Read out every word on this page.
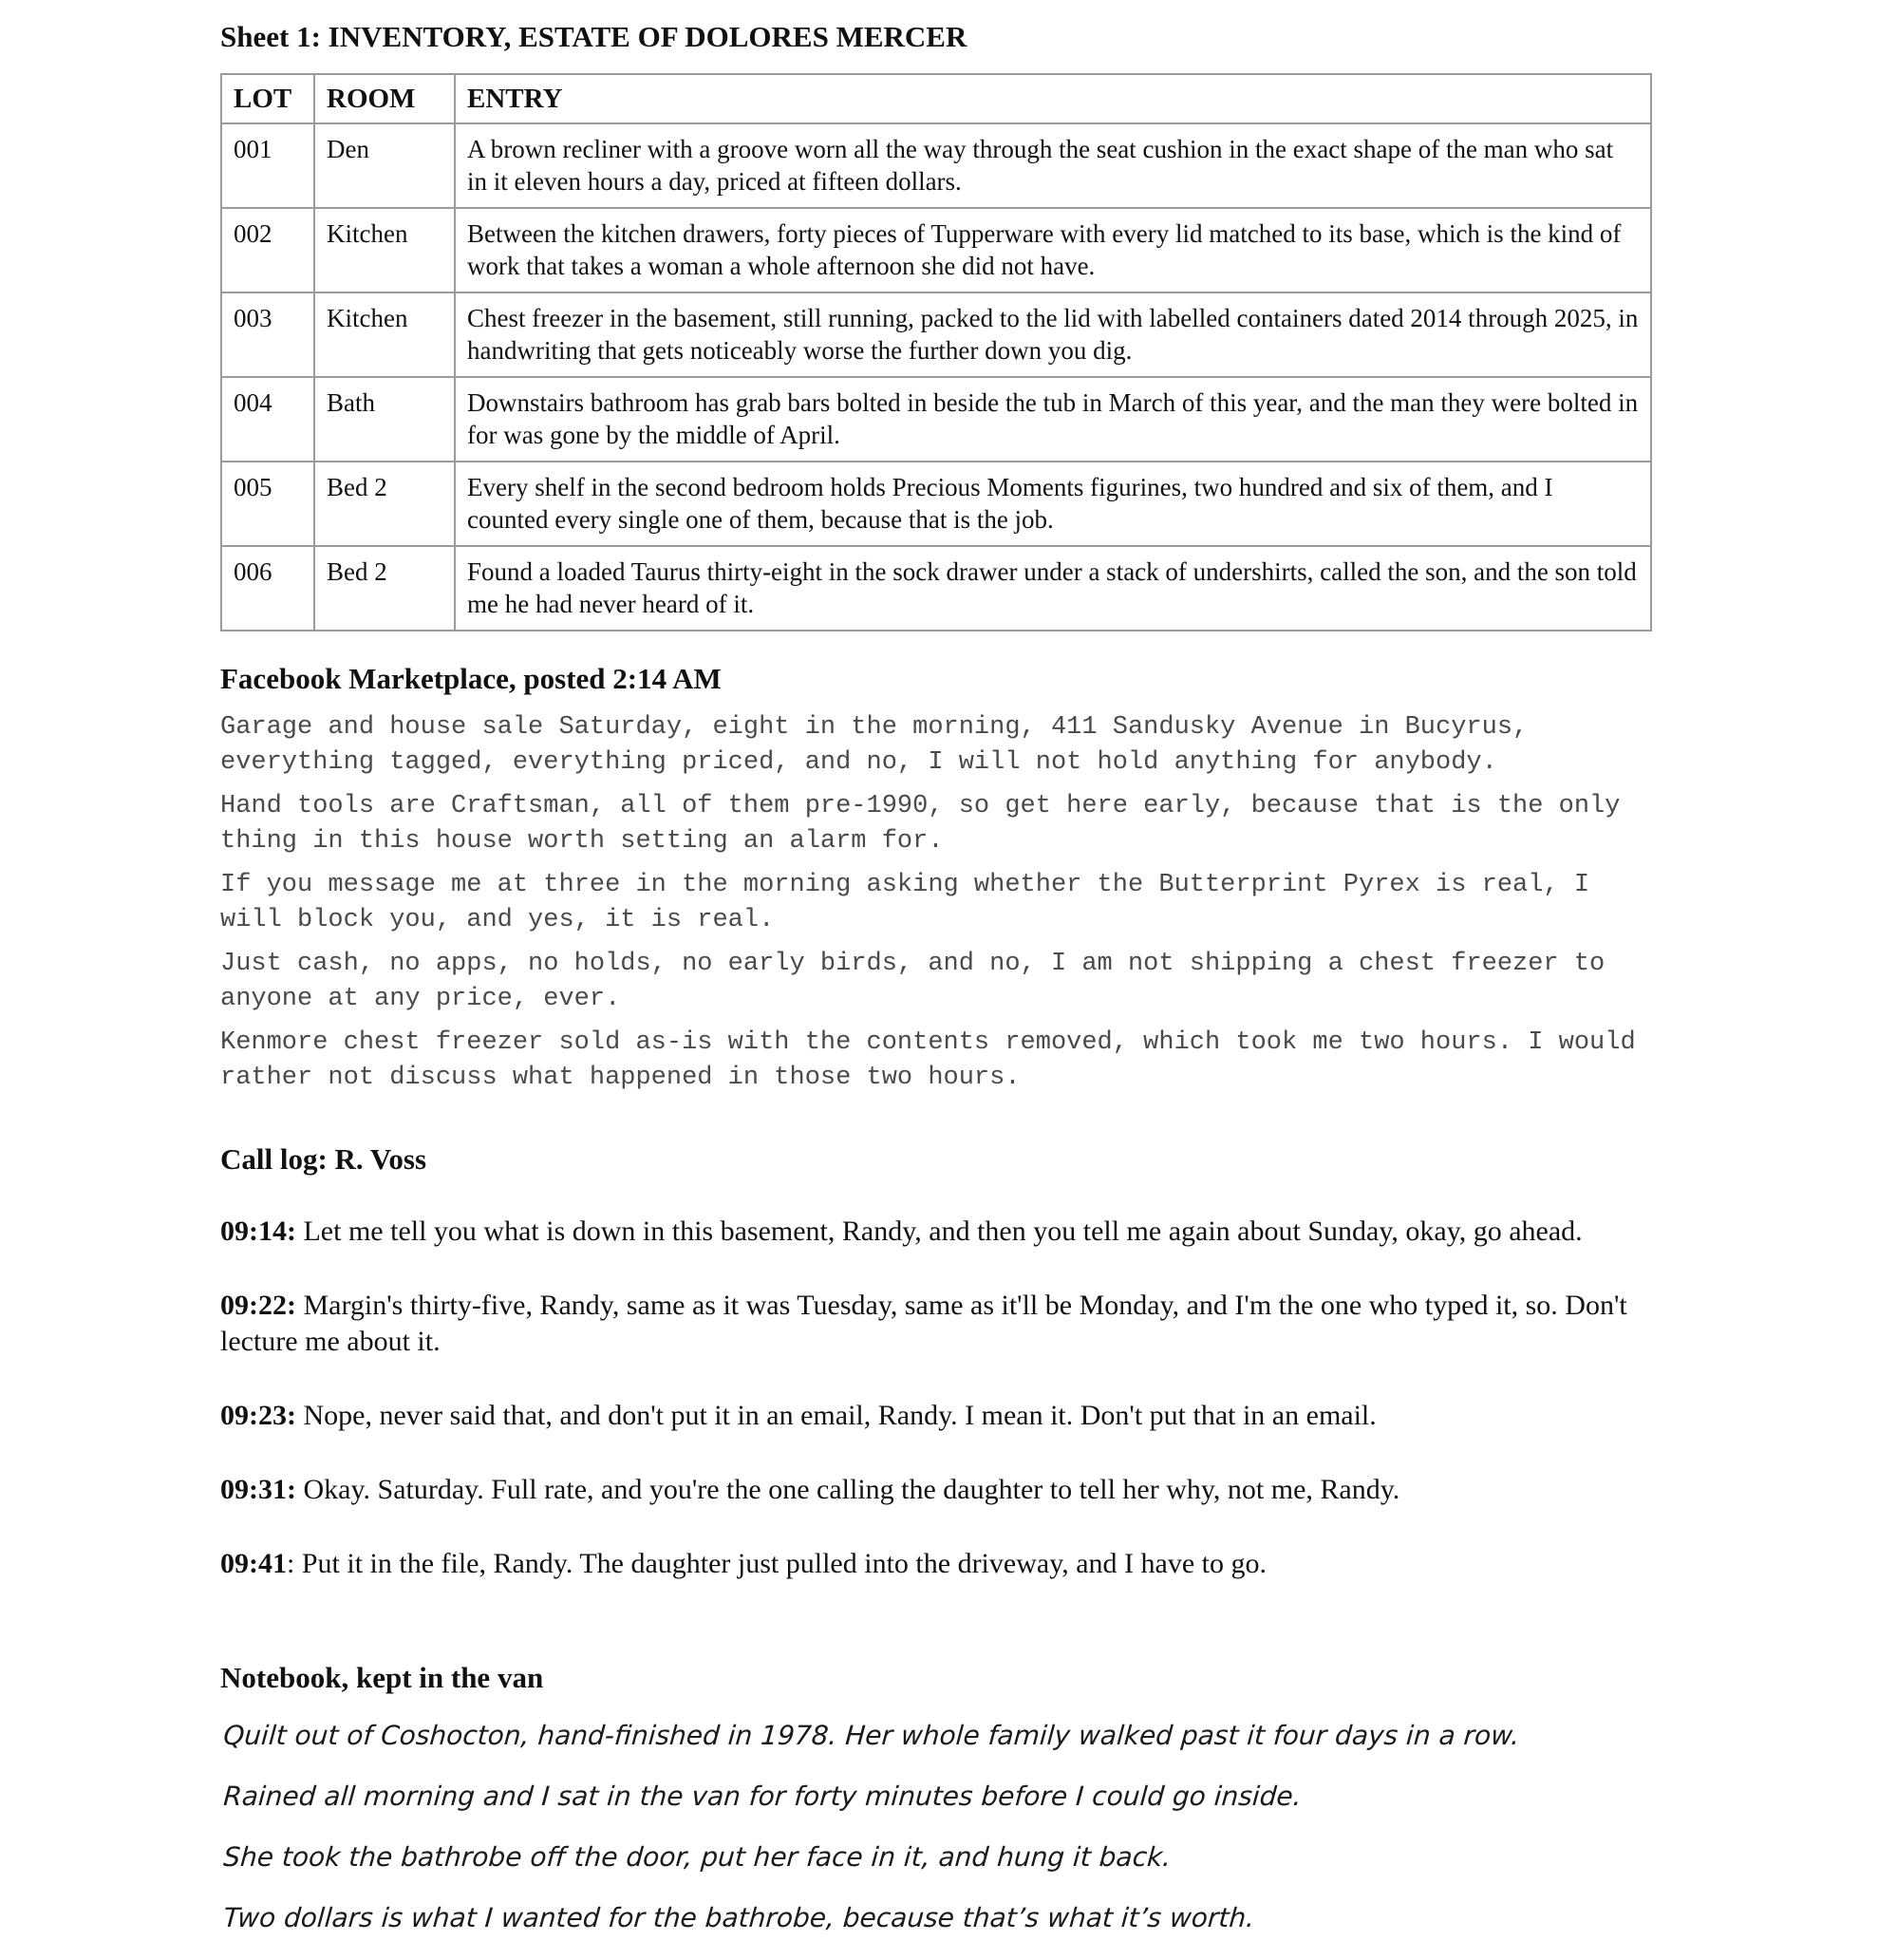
Sheet 1: INVENTORY, ESTATE OF DOLORES MERCER
LOT	ROOM	ENTRY
001	Den	A brown recliner with a groove worn all the way through the seat cushion in the exact shape of the man who sat in it eleven hours a day, priced at fifteen dollars.
002	Kitchen	Between the kitchen drawers, forty pieces of Tupperware with every lid matched to its base, which is the kind of work that takes a woman a whole afternoon she did not have.
003	Kitchen	Chest freezer in the basement, still running, packed to the lid with labelled containers dated 2014 through 2025, in handwriting that gets noticeably worse the further down you dig.
004	Bath	Downstairs bathroom has grab bars bolted in beside the tub in March of this year, and the man they were bolted in for was gone by the middle of April.
005	Bed 2	Every shelf in the second bedroom holds Precious Moments figurines, two hundred and six of them, and I counted every single one of them, because that is the job.
006	Bed 2	Found a loaded Taurus thirty-eight in the sock drawer under a stack of undershirts, called the son, and the son told me he had never heard of it.
Facebook Marketplace, posted 2:14 AM

Garage and house sale Saturday, eight in the morning, 411 Sandusky Avenue in Bucyrus, everything tagged, everything priced, and no, I will not hold anything for anybody.

Hand tools are Craftsman, all of them pre-1990, so get here early, because that is the only thing in this house worth setting an alarm for.

If you message me at three in the morning asking whether the Butterprint Pyrex is real, I will block you, and yes, it is real.

Just cash, no apps, no holds, no early birds, and no, I am not shipping a chest freezer to anyone at any price, ever.

Kenmore chest freezer sold as-is with the contents removed, which took me two hours. I would rather not discuss what happened in those two hours.

Call log: R. Voss

09:14: Let me tell you what is down in this basement, Randy, and then you tell me again about Sunday, okay, go ahead.

09:22: Margin's thirty-five, Randy, same as it was Tuesday, same as it'll be Monday, and I'm the one who typed it, so. Don't lecture me about it.

09:23: Nope, never said that, and don't put it in an email, Randy. I mean it. Don't put that in an email.

09:31: Okay. Saturday. Full rate, and you're the one calling the daughter to tell her why, not me, Randy.

09:41: Put it in the file, Randy. The daughter just pulled into the driveway, and I have to go.

Notebook, kept in the van

Quilt out of Coshocton, hand-finished in 1978. Her whole family walked past it four days in a row.

Rained all morning and I sat in the van for forty minutes before I could go inside.

She took the bathrobe off the door, put her face in it, and hung it back.

Two dollars is what I wanted for the bathrobe, because that’s what it’s worth.
